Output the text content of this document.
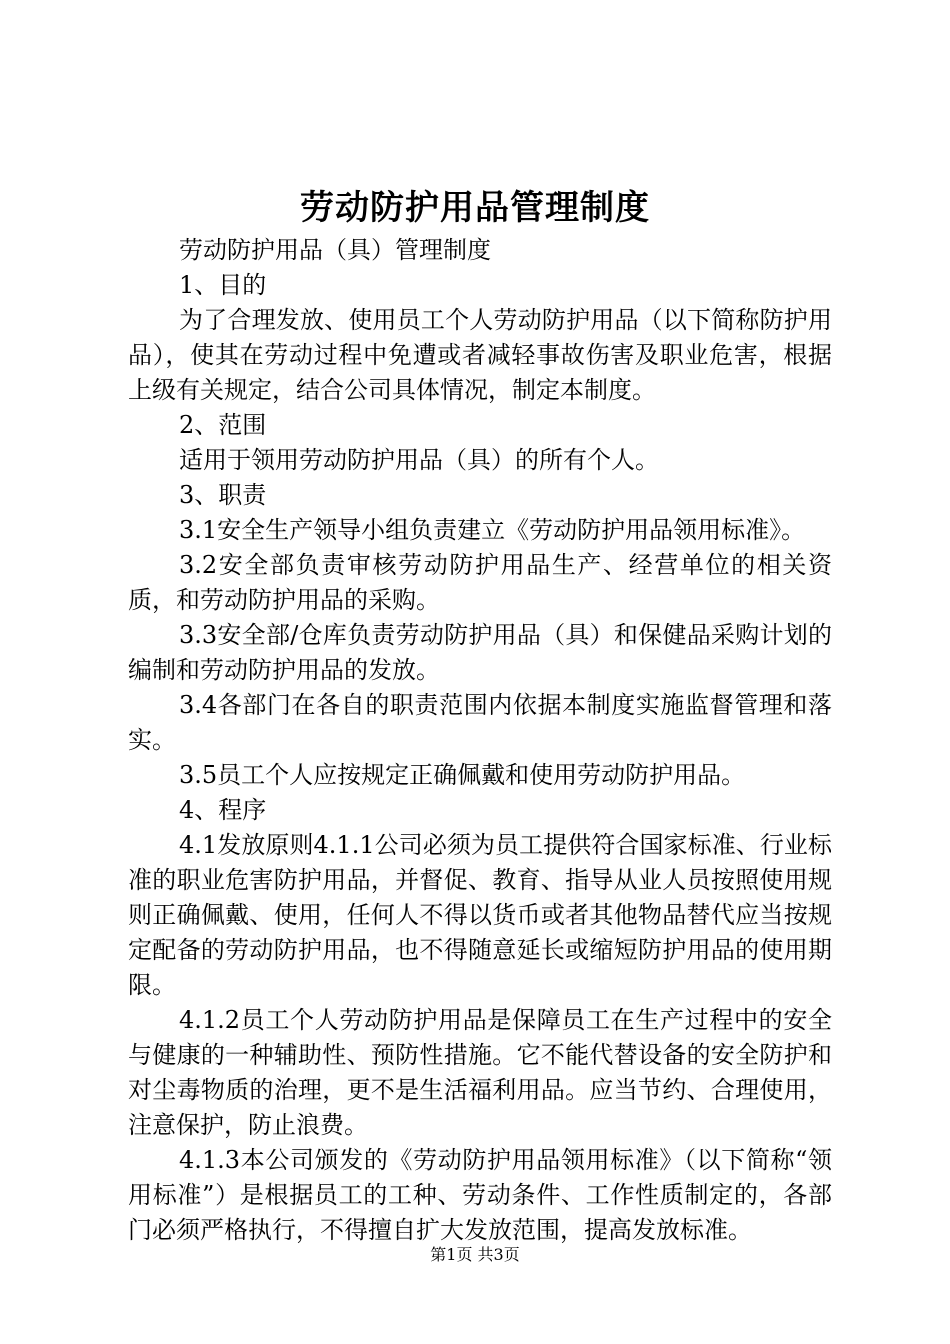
劳动防护用品管理制度

劳动防护用品（具）管理制度

1、目的

为了合理发放、使用员工个人劳动防护用品（以下简称防护用品），使其在劳动过程中免遭或者减轻事故伤害及职业危害，根据上级有关规定，结合公司具体情况，制定本制度。

2、范围

适用于领用劳动防护用品（具）的所有个人。

3、职责

3.1安全生产领导小组负责建立《劳动防护用品领用标准》。

3.2安全部负责审核劳动防护用品生产、经营单位的相关资质，和劳动防护用品的采购。

3.3安全部/仓库负责劳动防护用品（具）和保健品采购计划的编制和劳动防护用品的发放。

3.4各部门在各自的职责范围内依据本制度实施监督管理和落实。

3.5员工个人应按规定正确佩戴和使用劳动防护用品。

4、程序

4.1发放原则4.1.1公司必须为员工提供符合国家标准、行业标准的职业危害防护用品，并督促、教育、指导从业人员按照使用规则正确佩戴、使用，任何人不得以货币或者其他物品替代应当按规定配备的劳动防护用品，也不得随意延长或缩短防护用品的使用期限。

4.1.2员工个人劳动防护用品是保障员工在生产过程中的安全与健康的一种辅助性、预防性措施。它不能代替设备的安全防护和对尘毒物质的治理，更不是生活福利用品。应当节约、合理使用，注意保护，防止浪费。

4.1.3本公司颁发的《劳动防护用品领用标准》（以下简称“领用标准”）是根据员工的工种、劳动条件、工作性质制定的，各部门必须严格执行，不得擅自扩大发放范围，提高发放标准。

第1页 共3页
